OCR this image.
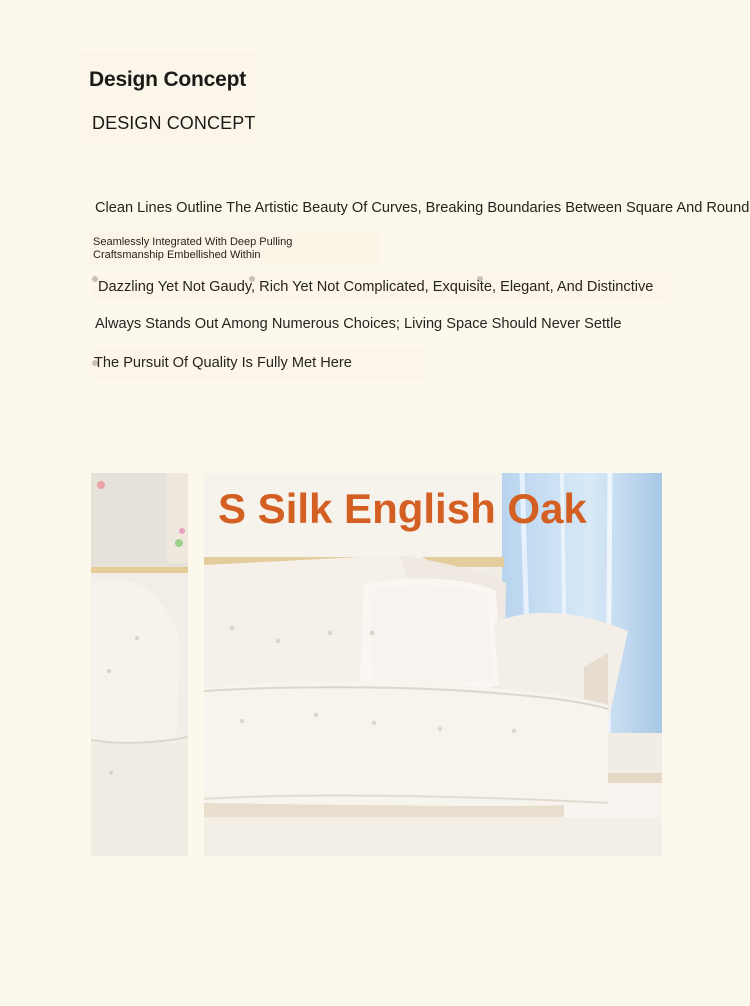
Design Concept
DESIGN CONCEPT
Clean Lines Outline The Artistic Beauty Of Curves, Breaking Boundaries Between Square And Round
Seamlessly Integrated With Deep Pulling Craftsmanship Embellished Within
Dazzling Yet Not Gaudy, Rich Yet Not Complicated, Exquisite, Elegant, And Distinctive
Always Stands Out Among Numerous Choices; Living Space Should Never Settle
The Pursuit Of Quality Is Fully Met Here
S Silk English Oak
